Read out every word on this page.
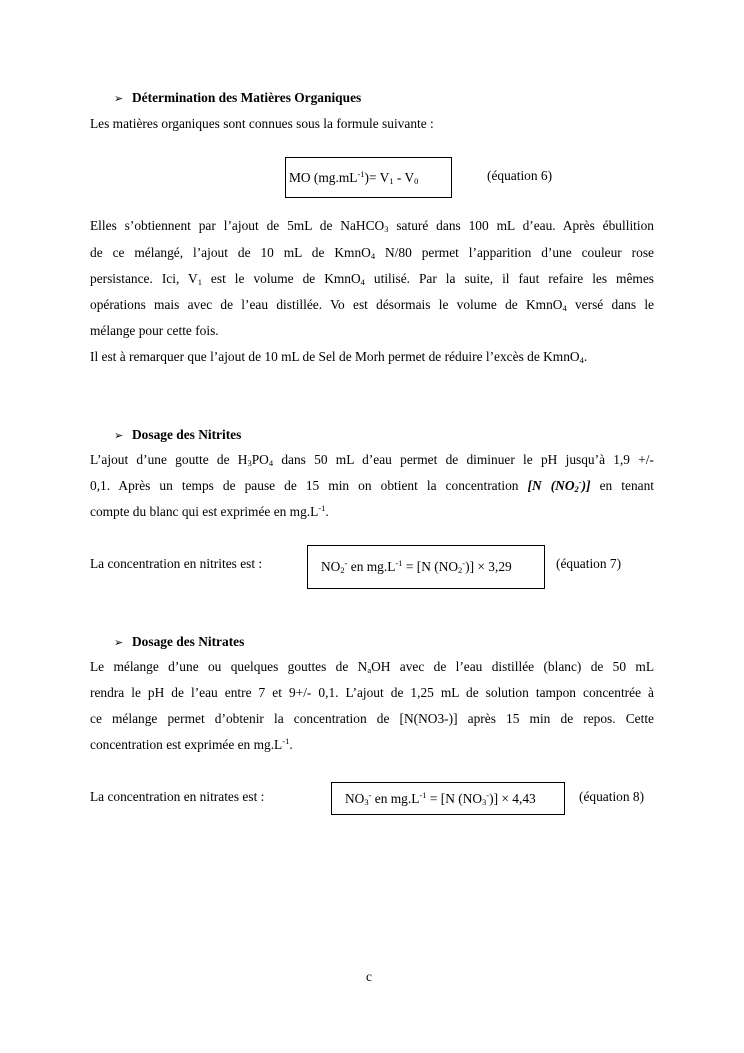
➢ Détermination des Matières Organiques
Les matières organiques sont connues sous la formule suivante :
MO $(mg.mL^{-1})= V_1 - V_0$	(équation 6)
Elles s’obtiennent par l’ajout de 5mL de NaHCO$_3$ saturé dans 100 mL d’eau. Après ébullition
de ce mélangé, l’ajout de 10 mL de KmnO$_4$ N/80 permet l’apparition d’une couleur rose
persistance. Ici, $V_1$ est le volume de KmnO$_4$ utilisé. Par la suite, il faut refaire les mêmes
opérations mais avec de l’eau distillée. Vo est désormais le volume de KmnO$_4$ versé dans le
mélange pour cette fois.
Il est à remarquer que l’ajout de 10 mL de Sel de Morh permet de réduire l’excès de KmnO$_4$.
➢ Dosage des Nitrites
L’ajout d’une goutte de $H_3PO_4$ dans 50 mL d’eau permet de diminuer le pH jusqu’à 1,9 +/-
0,1. Après un temps de pause de 15 min on obtient la concentration [N $(NO_2^-)$] en tenant
compte du blanc qui est exprimée en $mg.L^{-1}$.
La concentration en nitrites est :	$NO_2^-$ en $mg.L^{-1} = [N$ $(NO_2^-)] \times 3,29$	(équation 7)
➢ Dosage des Nitrates
Le mélange d’une ou quelques gouttes de $N_aOH$ avec de l’eau distillée (blanc) de 50 mL
rendra le pH de l’eau entre 7 et 9+/- 0,1. L’ajout de 1,25 mL de solution tampon concentrée à
ce mélange permet d’obtenir la concentration de [N(NO3-)] après 15 min de repos. Cette
concentration est exprimée en $mg.L^{-1}$.
La concentration en nitrates est :	$NO_3^-$ en $mg.L^{-1} = [N$ $(NO_3^-)] \times 4,43$	(équation 8)
c
